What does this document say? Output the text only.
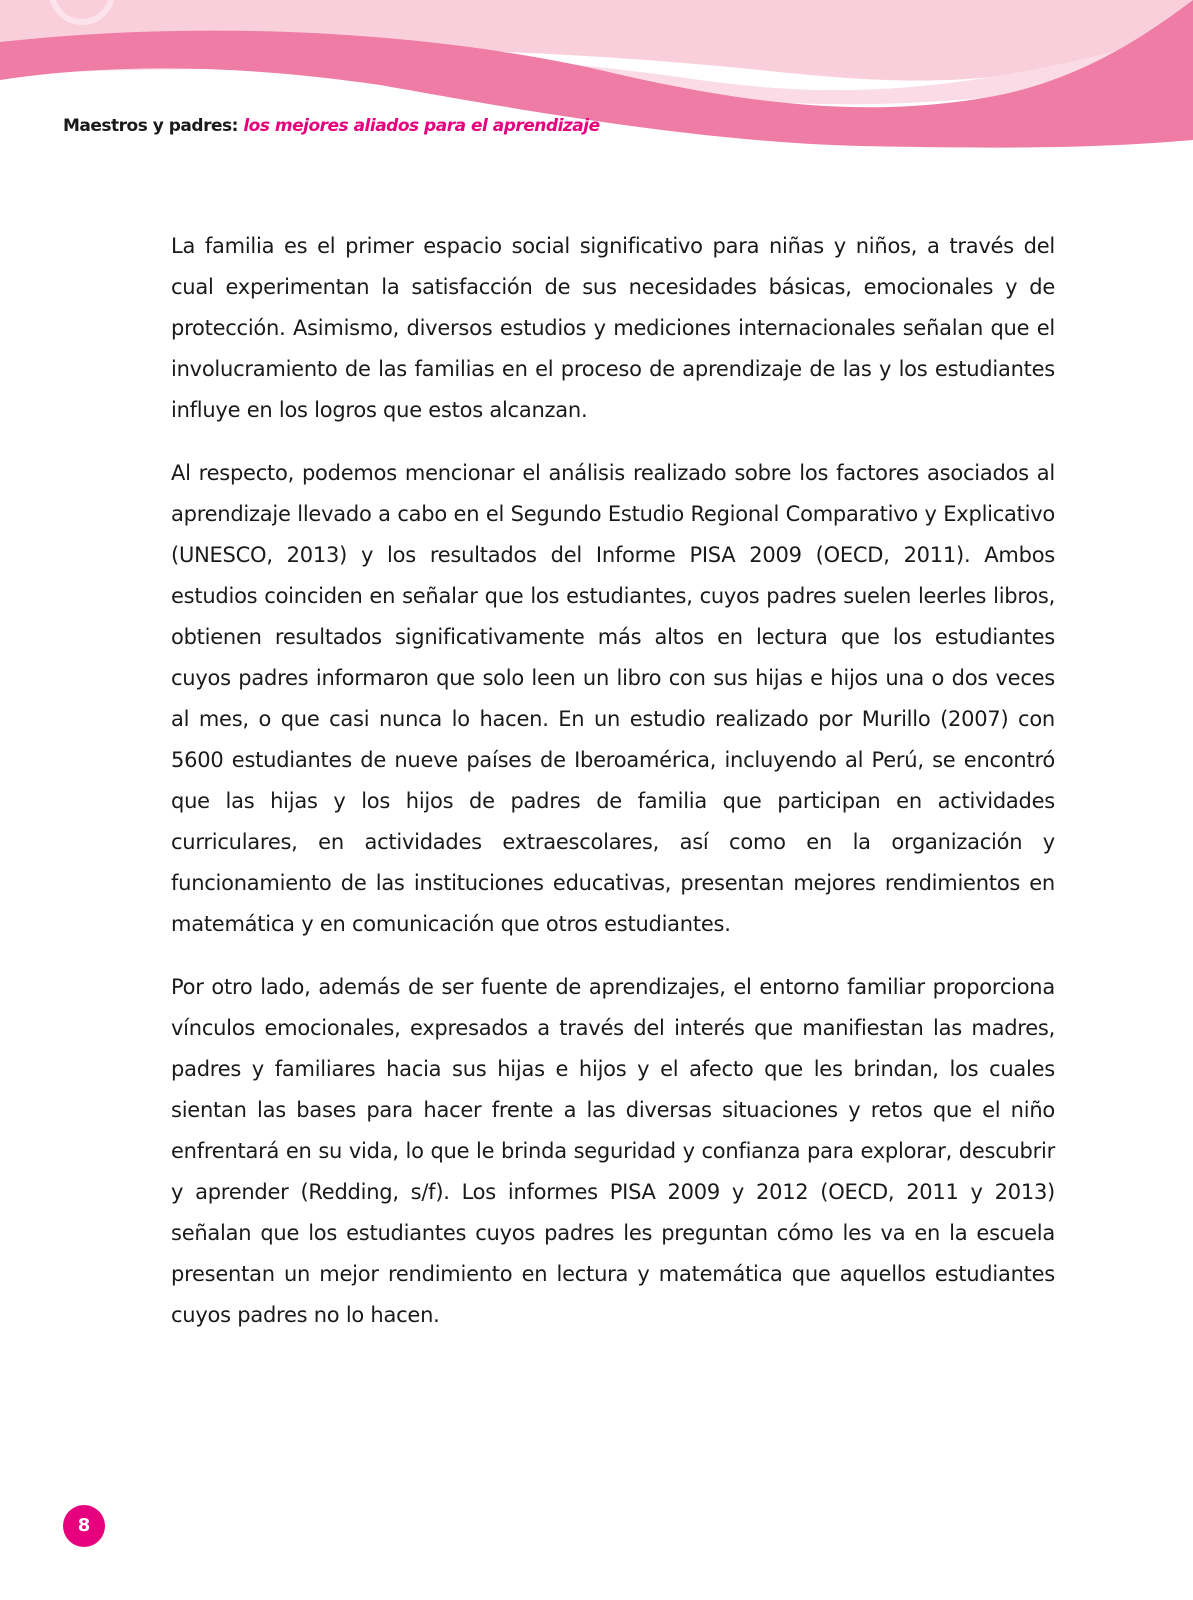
Maestros y padres: los mejores aliados para el aprendizaje

La familia es el primer espacio social significativo para niñas y niños, a través del cual experimentan la satisfacción de sus necesidades básicas, emocionales y de protección. Asimismo, diversos estudios y mediciones internacionales señalan que el involucramiento de las familias en el proceso de aprendizaje de las y los estudiantes influye en los logros que estos alcanzan.

Al respecto, podemos mencionar el análisis realizado sobre los factores asociados al aprendizaje llevado a cabo en el Segundo Estudio Regional Comparativo y Explicativo (UNESCO, 2013) y los resultados del Informe PISA 2009 (OECD, 2011). Ambos estudios coinciden en señalar que los estudiantes, cuyos padres suelen leerles libros, obtienen resultados significativamente más altos en lectura que los estudiantes cuyos padres informaron que solo leen un libro con sus hijas e hijos una o dos veces al mes, o que casi nunca lo hacen. En un estudio realizado por Murillo (2007) con 5600 estudiantes de nueve países de Iberoamérica, incluyendo al Perú, se encontró que las hijas y los hijos de padres de familia que participan en actividades curriculares, en actividades extraescolares, así como en la organización y funcionamiento de las instituciones educativas, presentan mejores rendimientos en matemática y en comunicación que otros estudiantes.

Por otro lado, además de ser fuente de aprendizajes, el entorno familiar proporciona vínculos emocionales, expresados a través del interés que manifiestan las madres, padres y familiares hacia sus hijas e hijos y el afecto que les brindan, los cuales sientan las bases para hacer frente a las diversas situaciones y retos que el niño enfrentará en su vida, lo que le brinda seguridad y confianza para explorar, descubrir y aprender (Redding, s/f). Los informes PISA 2009 y 2012 (OECD, 2011 y 2013) señalan que los estudiantes cuyos padres les preguntan cómo les va en la escuela presentan un mejor rendimiento en lectura y matemática que aquellos estudiantes cuyos padres no lo hacen.

8
